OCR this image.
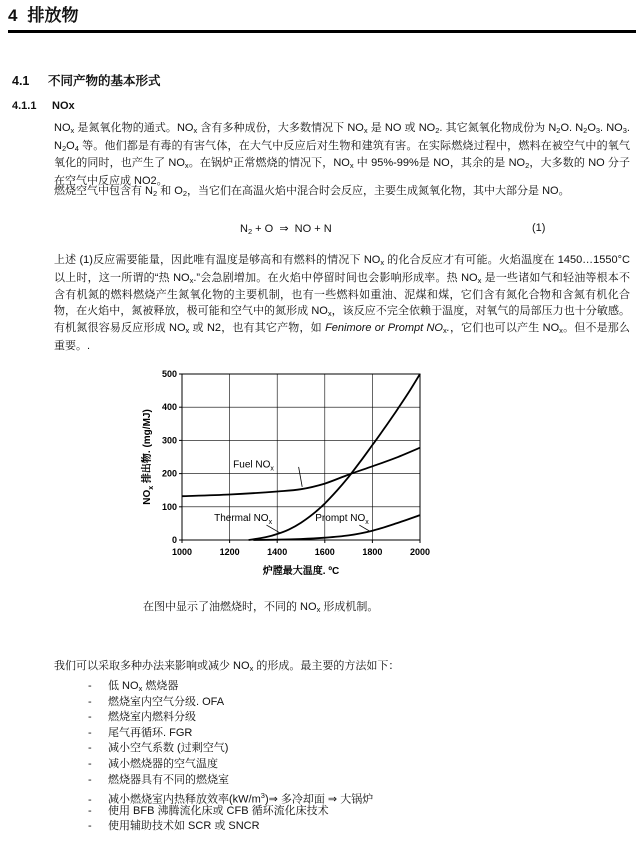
4 排放物
4.1 不同产物的基本形式
4.1.1 NOx

$NO_x$ 是氮氧化物的通式。$NO_x$ 含有多种成份，大多数情况下 $NO_x$ 是 NO 或 $NO_2$. 其它氮氧化物成份为 $N_2O$. $N_2O_3$. $NO_3$. $N_2O_4$ 等。他们都是有毒的有害气体，在大气中反应后对生物和建筑有害。在实际燃烧过程中，燃料在被空气中的氧气氧化的同时，也产生了 $NO_x$。在锅炉正常燃烧的情况下，$NO_x$ 中 95%-99%是 NO，其余的是 $NO_2$，大多数的 NO 分子在空气中反应成 NO2。

燃烧空气中包含有 $N_2$ 和 $O_2$，当它们在高温火焰中混合时会反应，主要生成氮氧化物，其中大部分是 NO。

$N_2 + O$  ⇒  NO + N	(1)

上述 (1)反应需要能量，因此唯有温度是够高和有燃料的情况下 $NO_x$ 的化合反应才有可能。火焰温度在 1450…1550°C 以上时，这一所谓的“热 $NO_x$.”会急剧增加。在火焰中停留时间也会影响形成率。热 $NO_x$ 是一些诸如气和轻油等根本不含有机氮的燃料燃烧产生氮氧化物的主要机制，也有一些燃料如重油、泥煤和煤，它们含有氮化合物和含氮有机化合物，在火焰中，氮被释放，极可能和空气中的氮形成 $NO_x$，该反应不完全依赖于温度，对氧气的局部压力也十分敏感。有机氮很容易反应形成 $NO_x$ 或 N2，也有其它产物，如 Fenimore or Prompt $NO_x$.，它们也可以产生 $NO_x$。但不是那么重要。.

1000	1200	1400	1600	1800	2000
0
100
200
300
400
500
Fuel $NO_x$
Thermal $NO_x$	Prompt $NO_x$
炉膛最大温度. ºC
$NO_x$ 排出物. (mg/MJ)
在图中显示了油燃烧时，不同的 $NO_x$ 形成机制。
我们可以采取多种办法来影响或减少 $NO_x$ 的形成。最主要的方法如下：
- 低 $NO_x$ 燃烧器
- 燃烧室内空气分级. OFA
- 燃烧室内燃料分级
- 尾气再循环. FGR
- 减小空气系数 (过剩空气)
- 减小燃烧器的空气温度
- 燃烧器具有不同的燃烧室
- 减小燃烧室内热释放效率$(kW/m^3)\Rightarrow$ 多冷却面 ⇒ 大锅炉
- 使用 BFB 沸腾流化床或 CFB 循环流化床技术
- 使用辅助技术如 SCR 或 SNCR
